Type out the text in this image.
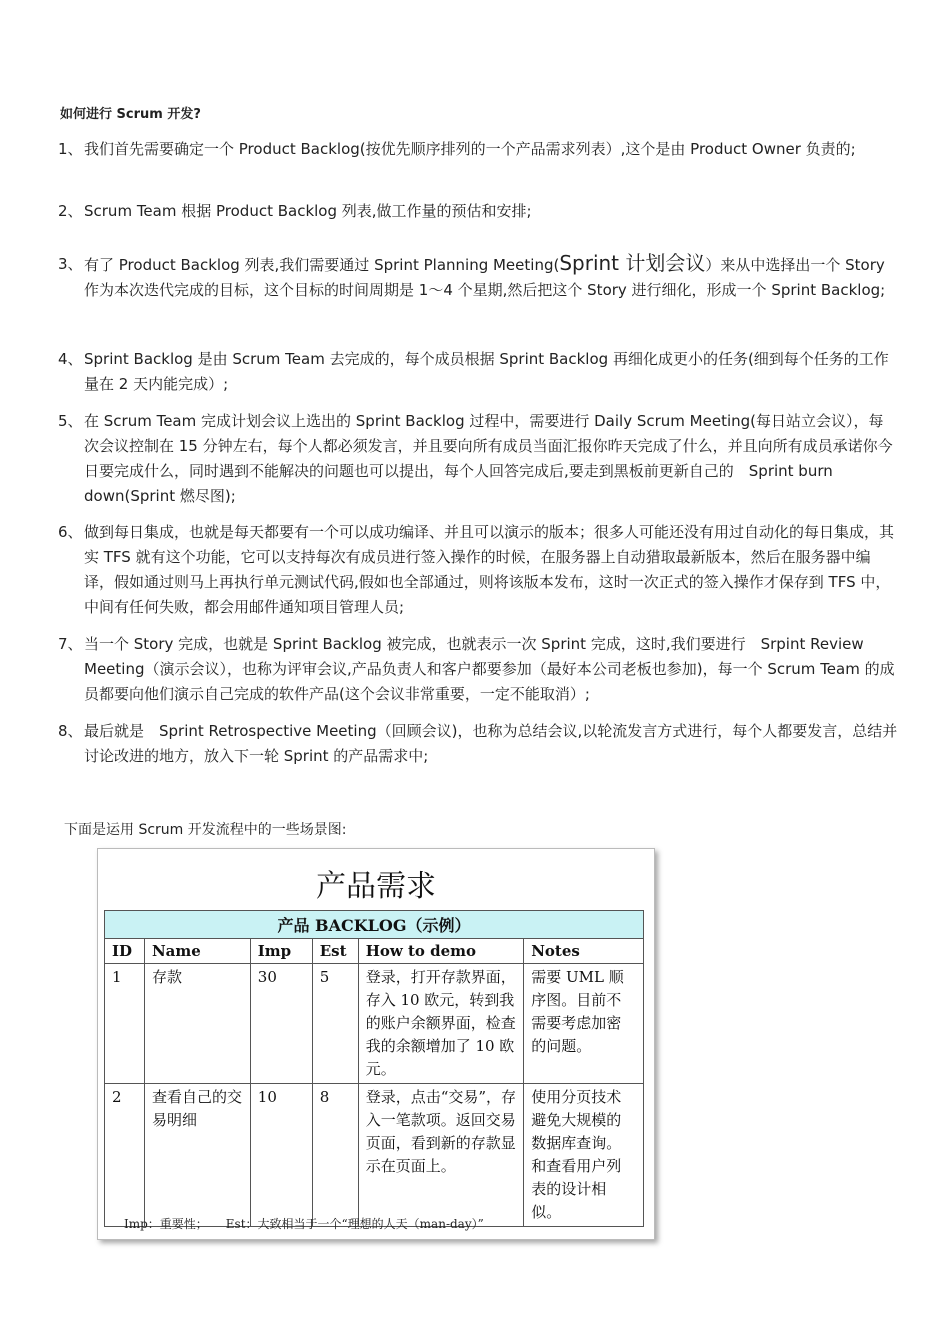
如何进行 Scrum 开发?
1、 我们首先需要确定一个 Product Backlog(按优先顺序排列的一个产品需求列表）,这个是由 Product Owner 负责的;
2、 Scrum Team 根据 Product Backlog 列表,做工作量的预估和安排;
3、 有了 Product Backlog 列表,我们需要通过 Sprint Planning Meeting(Sprint 计划会议）来从中选择出一个 Story 作为本次迭代完成的目标，这个目标的时间周期是 1～4 个星期,然后把这个 Story 进行细化，形成一个 Sprint Backlog;
4、 Sprint Backlog 是由 Scrum Team 去完成的，每个成员根据 Sprint Backlog 再细化成更小的任务(细到每个任务的工作量在 2 天内能完成）;
5、 在 Scrum Team 完成计划会议上选出的 Sprint Backlog 过程中，需要进行 Daily Scrum Meeting(每日站立会议），每次会议控制在 15 分钟左右，每个人都必须发言，并且要向所有成员当面汇报你昨天完成了什么，并且向所有成员承诺你今日要完成什么，同时遇到不能解决的问题也可以提出，每个人回答完成后,要走到黑板前更新自己的　Sprint burn down(Sprint 燃尽图);
6、 做到每日集成，也就是每天都要有一个可以成功编译、并且可以演示的版本；很多人可能还没有用过自动化的每日集成，其实 TFS 就有这个功能，它可以支持每次有成员进行签入操作的时候，在服务器上自动猎取最新版本，然后在服务器中编译，假如通过则马上再执行单元测试代码,假如也全部通过，则将该版本发布，这时一次正式的签入操作才保存到 TFS 中，中间有任何失败，都会用邮件通知项目管理人员;
7、 当一个 Story 完成，也就是 Sprint Backlog 被完成，也就表示一次 Sprint 完成，这时,我们要进行　Srpint Review Meeting（演示会议），也称为评审会议,产品负责人和客户都要参加（最好本公司老板也参加)，每一个 Scrum Team 的成员都要向他们演示自己完成的软件产品(这个会议非常重要，一定不能取消）;
8、 最后就是　Sprint Retrospective Meeting（回顾会议)，也称为总结会议,以轮流发言方式进行，每个人都要发言，总结并讨论改进的地方，放入下一轮 Sprint 的产品需求中;
下面是运用 Scrum 开发流程中的一些场景图:
产品需求
产品 BACKLOG（示例）
ID	Name	Imp	Est	How to demo	Notes
1	存款	30	5	登录，打开存款界面，存入 10 欧元，转到我的账户余额界面，检查我的余额增加了 10 欧元。	需要 UML 顺序图。目前不需要考虑加密的问题。
2	查看自己的交易明细	10	8	登录，点击“交易”，存入一笔款项。返回交易页面，看到新的存款显示在页面上。	使用分页技术避免大规模的数据库查询。和查看用户列表的设计相似。
Imp：重要性；　　Est：大致相当于一个“理想的人天（man-day）”
